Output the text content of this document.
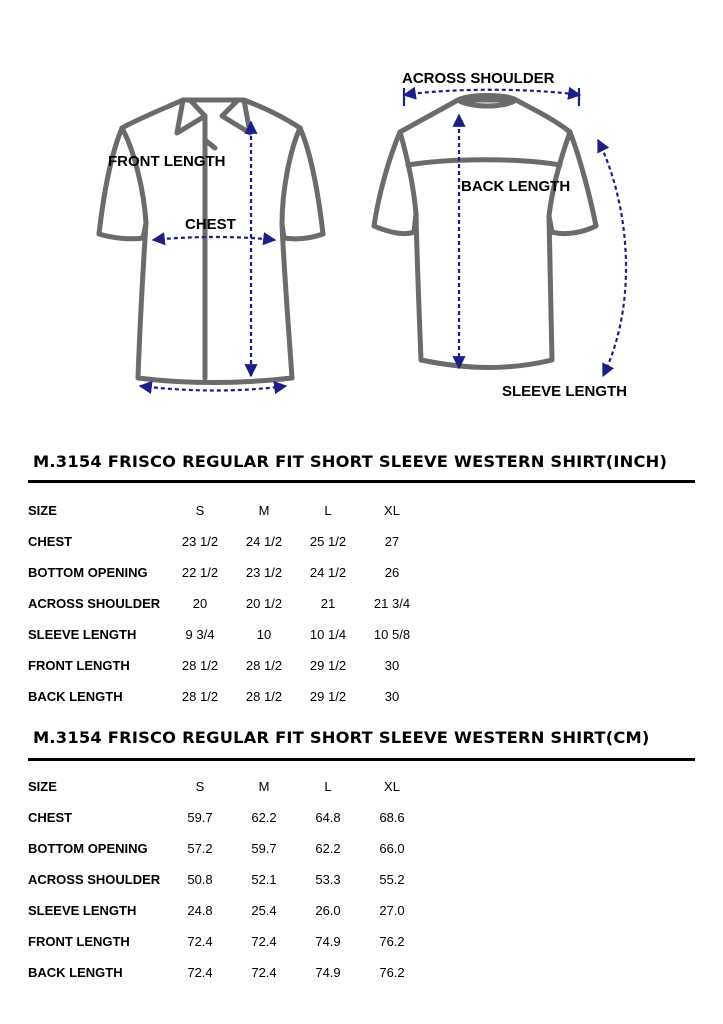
FRONT LENGTH
CHEST
ACROSS SHOULDER
BACK LENGTH
SLEEVE LENGTH
M.3154 FRISCO REGULAR FIT SHORT SLEEVE WESTERN SHIRT(INCH)
SIZE	S	M	L	XL	
CHEST	23 1/2	24 1/2	25 1/2	27	
BOTTOM OPENING	22 1/2	23 1/2	24 1/2	26	
ACROSS SHOULDER	20	20 1/2	21	21 3/4	
SLEEVE LENGTH	9 3/4	10	10 1/4	10 5/8	
FRONT LENGTH	28 1/2	28 1/2	29 1/2	30	
BACK LENGTH	28 1/2	28 1/2	29 1/2	30	
M.3154 FRISCO REGULAR FIT SHORT SLEEVE WESTERN SHIRT(CM)
SIZE	S	M	L	XL	
CHEST	59.7	62.2	64.8	68.6	
BOTTOM OPENING	57.2	59.7	62.2	66.0	
ACROSS SHOULDER	50.8	52.1	53.3	55.2	
SLEEVE LENGTH	24.8	25.4	26.0	27.0	
FRONT LENGTH	72.4	72.4	74.9	76.2	
BACK LENGTH	72.4	72.4	74.9	76.2	
